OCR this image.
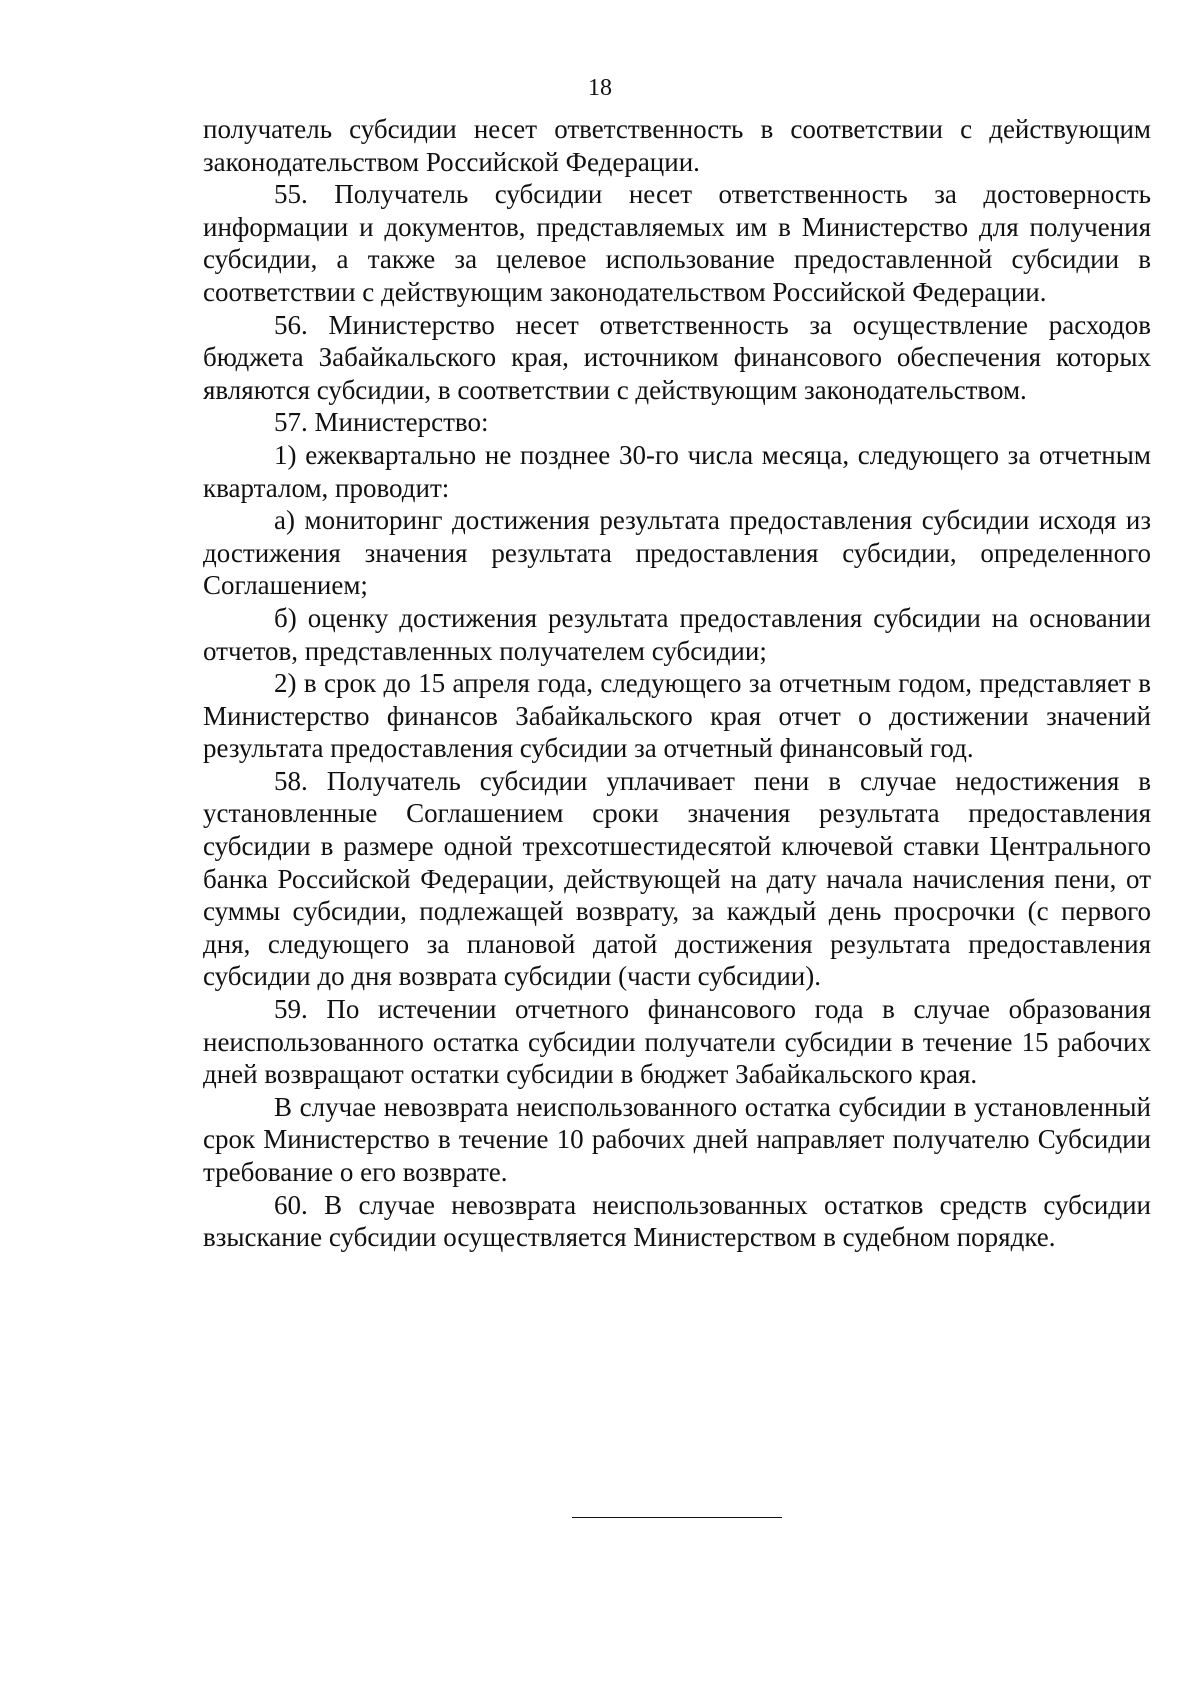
18

получатель субсидии несет ответственность в соответствии с действующим законодательством Российской Федерации.

55. Получатель субсидии несет ответственность за достоверность информации и документов, представляемых им в Министерство для получения субсидии, а также за целевое использование предоставленной субсидии в соответствии с действующим законодательством Российской Федерации.

56. Министерство несет ответственность за осуществление расходов бюджета Забайкальского края, источником финансового обеспечения которых являются субсидии, в соответствии с действующим законодательством.

57. Министерство:

1) ежеквартально не позднее 30-го числа месяца, следующего за отчетным кварталом, проводит:

а) мониторинг достижения результата предоставления субсидии исходя из достижения значения результата предоставления субсидии, определенного Соглашением;

б) оценку достижения результата предоставления субсидии на основании отчетов, представленных получателем субсидии;

2) в срок до 15 апреля года, следующего за отчетным годом, представляет в Министерство финансов Забайкальского края отчет о достижении значений результата предоставления субсидии за отчетный финансовый год.

58. Получатель субсидии уплачивает пени в случае недостижения в установленные Соглашением сроки значения результата предоставления субсидии в размере одной трехсотшестидесятой ключевой ставки Центрального банка Российской Федерации, действующей на дату начала начисления пени, от суммы субсидии, подлежащей возврату, за каждый день просрочки (с первого дня, следующего за плановой датой достижения результата предоставления субсидии до дня возврата субсидии (части субсидии).

59. По истечении отчетного финансового года в случае образования неиспользованного остатка субсидии получатели субсидии в течение 15 рабочих дней возвращают остатки субсидии в бюджет Забайкальского края.

В случае невозврата неиспользованного остатка субсидии в установленный срок Министерство в течение 10 рабочих дней направляет получателю Субсидии требование о его возврате.

60. В случае невозврата неиспользованных остатков средств субсидии взыскание субсидии осуществляется Министерством в судебном порядке.
